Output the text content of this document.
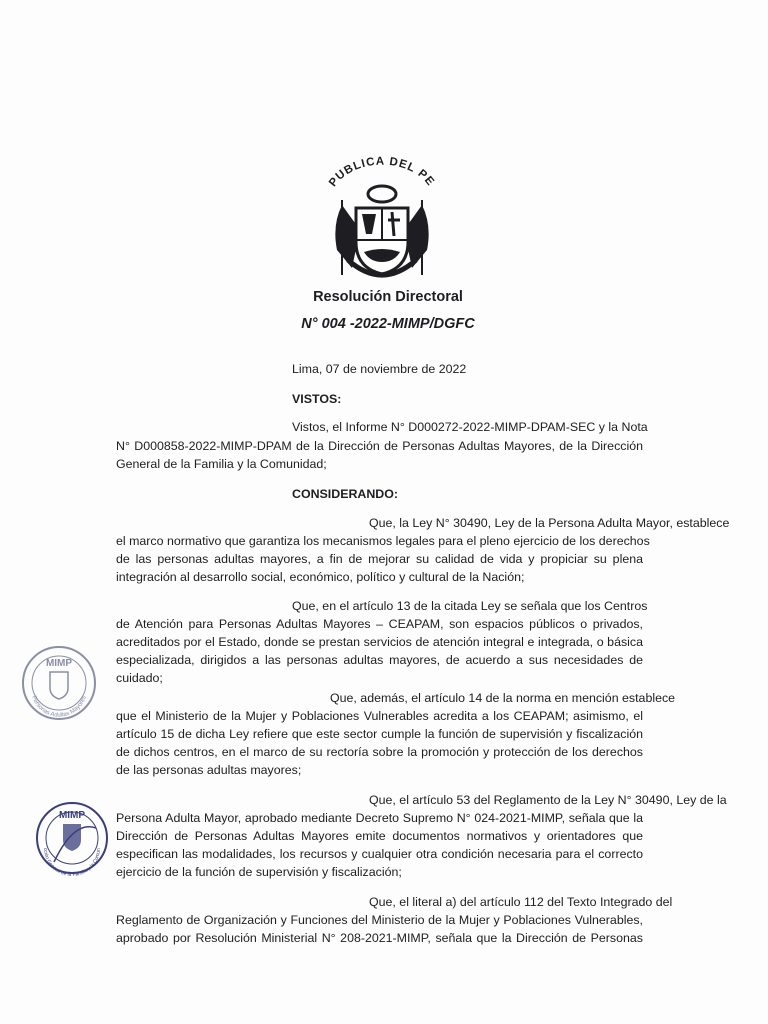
PUBLICA DEL PE
Resolución Directoral
N° 004 -2022-MIMP/DGFC
Lima, 07 de noviembre de 2022
VISTOS:
Vistos, el Informe N° D000272-2022-MIMP-DPAM-SEC y la Nota
N° D000858-2022-MIMP-DPAM de la Dirección de Personas Adultas Mayores, de la Dirección
General de la Familia y la Comunidad;
CONSIDERANDO:
Que, la Ley N° 30490, Ley de la Persona Adulta Mayor, establece
el marco normativo que garantiza los mecanismos legales para el pleno ejercicio de los derechos
de las personas adultas mayores, a fin de mejorar su calidad de vida y propiciar su plena
integración al desarrollo social, económico, político y cultural de la Nación;
Que, en el artículo 13 de la citada Ley se señala que los Centros
de Atención para Personas Adultas Mayores – CEAPAM, son espacios públicos o privados,
acreditados por el Estado, donde se prestan servicios de atención integral e integrada, o básica
especializada, dirigidos a las personas adultas mayores, de acuerdo a sus necesidades de
cuidado;
Que, además, el artículo 14 de la norma en mención establece
que el Ministerio de la Mujer y Poblaciones Vulnerables acredita a los CEAPAM; asimismo, el
artículo 15 de dicha Ley refiere que este sector cumple la función de supervisión y fiscalización
de dichos centros, en el marco de su rectoría sobre la promoción y protección de los derechos
de las personas adultas mayores;
Que, el artículo 53 del Reglamento de la Ley N° 30490, Ley de la
Persona Adulta Mayor, aprobado mediante Decreto Supremo N° 024-2021-MIMP, señala que la
Dirección de Personas Adultas Mayores emite documentos normativos y orientadores que
especifican las modalidades, los recursos y cualquier otra condición necesaria para el correcto
ejercicio de la función de supervisión y fiscalización;
Que, el literal a) del artículo 112 del Texto Integrado del
Reglamento de Organización y Funciones del Ministerio de la Mujer y Poblaciones Vulnerables,
aprobado por Resolución Ministerial N° 208-2021-MIMP, señala que la Dirección de Personas
MIMP
Personas Adultas Mayores
MIMP
cción General de la Familia y la Comun
